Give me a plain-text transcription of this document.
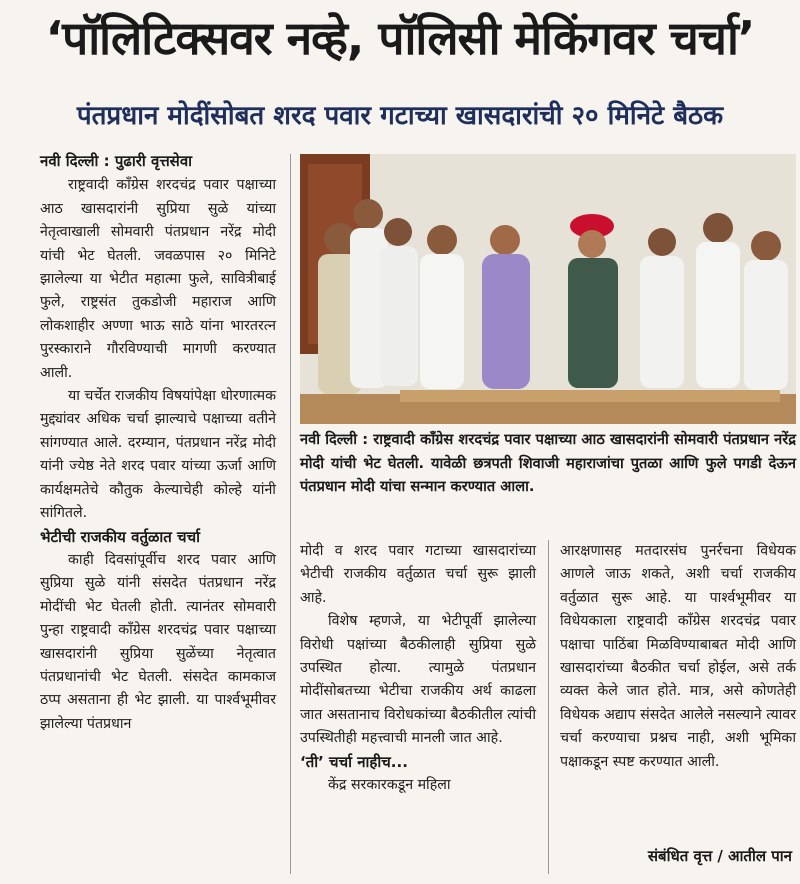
‘पॉलिटिक्सवर नव्हे, पॉलिसी मेकिंगवर चर्चा’
पंतप्रधान मोदींसोबत शरद पवार गटाच्या खासदारांची २० मिनिटे बैठक

नवी दिल्ली : पुढारी वृत्तसेवा

राष्ट्रवादी काँग्रेस शरदचंद्र पवार पक्षाच्या आठ खासदारांनी सुप्रिया सुळे यांच्या नेतृत्वाखाली सोमवारी पंतप्रधान नरेंद्र मोदी यांची भेट घेतली. जवळपास २० मिनिटे झालेल्या या भेटीत महात्मा फुले, सावित्रीबाई फुले, राष्ट्रसंत तुकडोजी महाराज आणि लोकशाहीर अण्णा भाऊ साठे यांना भारतरत्न पुरस्काराने गौरविण्याची मागणी करण्यात आली.

या चर्चेत राजकीय विषयांपेक्षा धोरणात्मक मुद्द्यांवर अधिक चर्चा झाल्याचे पक्षाच्या वतीने सांगण्यात आले. दरम्यान, पंतप्रधान नरेंद्र मोदी यांनी ज्येष्ठ नेते शरद पवार यांच्या ऊर्जा आणि कार्यक्षमतेचे कौतुक केल्याचेही कोल्हे यांनी सांगितले.

भेटीची राजकीय वर्तुळात चर्चा

काही दिवसांपूर्वीच शरद पवार आणि सुप्रिया सुळे यांनी संसदेत पंतप्रधान नरेंद्र मोदींची भेट घेतली होती. त्यानंतर सोमवारी पुन्हा राष्ट्रवादी काँग्रेस शरदचंद्र पवार पक्षाच्या खासदारांनी सुप्रिया सुळेंच्या नेतृत्वात पंतप्रधानांची भेट घेतली. संसदेत कामकाज ठप्प असताना ही भेट झाली. या पार्श्वभूमीवर झालेल्या पंतप्रधान

नवी दिल्ली : राष्ट्रवादी काँग्रेस शरदचंद्र पवार पक्षाच्या आठ खासदारांनी सोमवारी पंतप्रधान नरेंद्र मोदी यांची भेट घेतली. यावेळी छत्रपती शिवाजी महाराजांचा पुतळा आणि फुले पगडी देऊन पंतप्रधान मोदी यांचा सन्मान करण्यात आला.

मोदी व शरद पवार गटाच्या खासदारांच्या भेटीची राजकीय वर्तुळात चर्चा सुरू झाली आहे.

विशेष म्हणजे, या भेटीपूर्वी झालेल्या विरोधी पक्षांच्या बैठकीलाही सुप्रिया सुळे उपस्थित होत्या. त्यामुळे पंतप्रधान मोदींसोबतच्या भेटीचा राजकीय अर्थ काढला जात असतानाच विरोधकांच्या बैठकीतील त्यांची उपस्थितीही महत्त्वाची मानली जात आहे.

‘ती’ चर्चा नाहीच...

केंद्र सरकारकडून महिला

आरक्षणासह मतदारसंघ पुनर्रचना विधेयक आणले जाऊ शकते, अशी चर्चा राजकीय वर्तुळात सुरू आहे. या पार्श्वभूमीवर या विधेयकाला राष्ट्रवादी काँग्रेस शरदचंद्र पवार पक्षाचा पाठिंबा मिळविण्याबाबत मोदी आणि खासदारांच्या बैठकीत चर्चा होईल, असे तर्क व्यक्त केले जात होते. मात्र, असे कोणतेही विधेयक अद्याप संसदेत आलेले नसल्याने त्यावर चर्चा करण्याचा प्रश्नच नाही, अशी भूमिका पक्षाकडून स्पष्ट करण्यात आली.

संबंधित वृत्त / आतील पान
